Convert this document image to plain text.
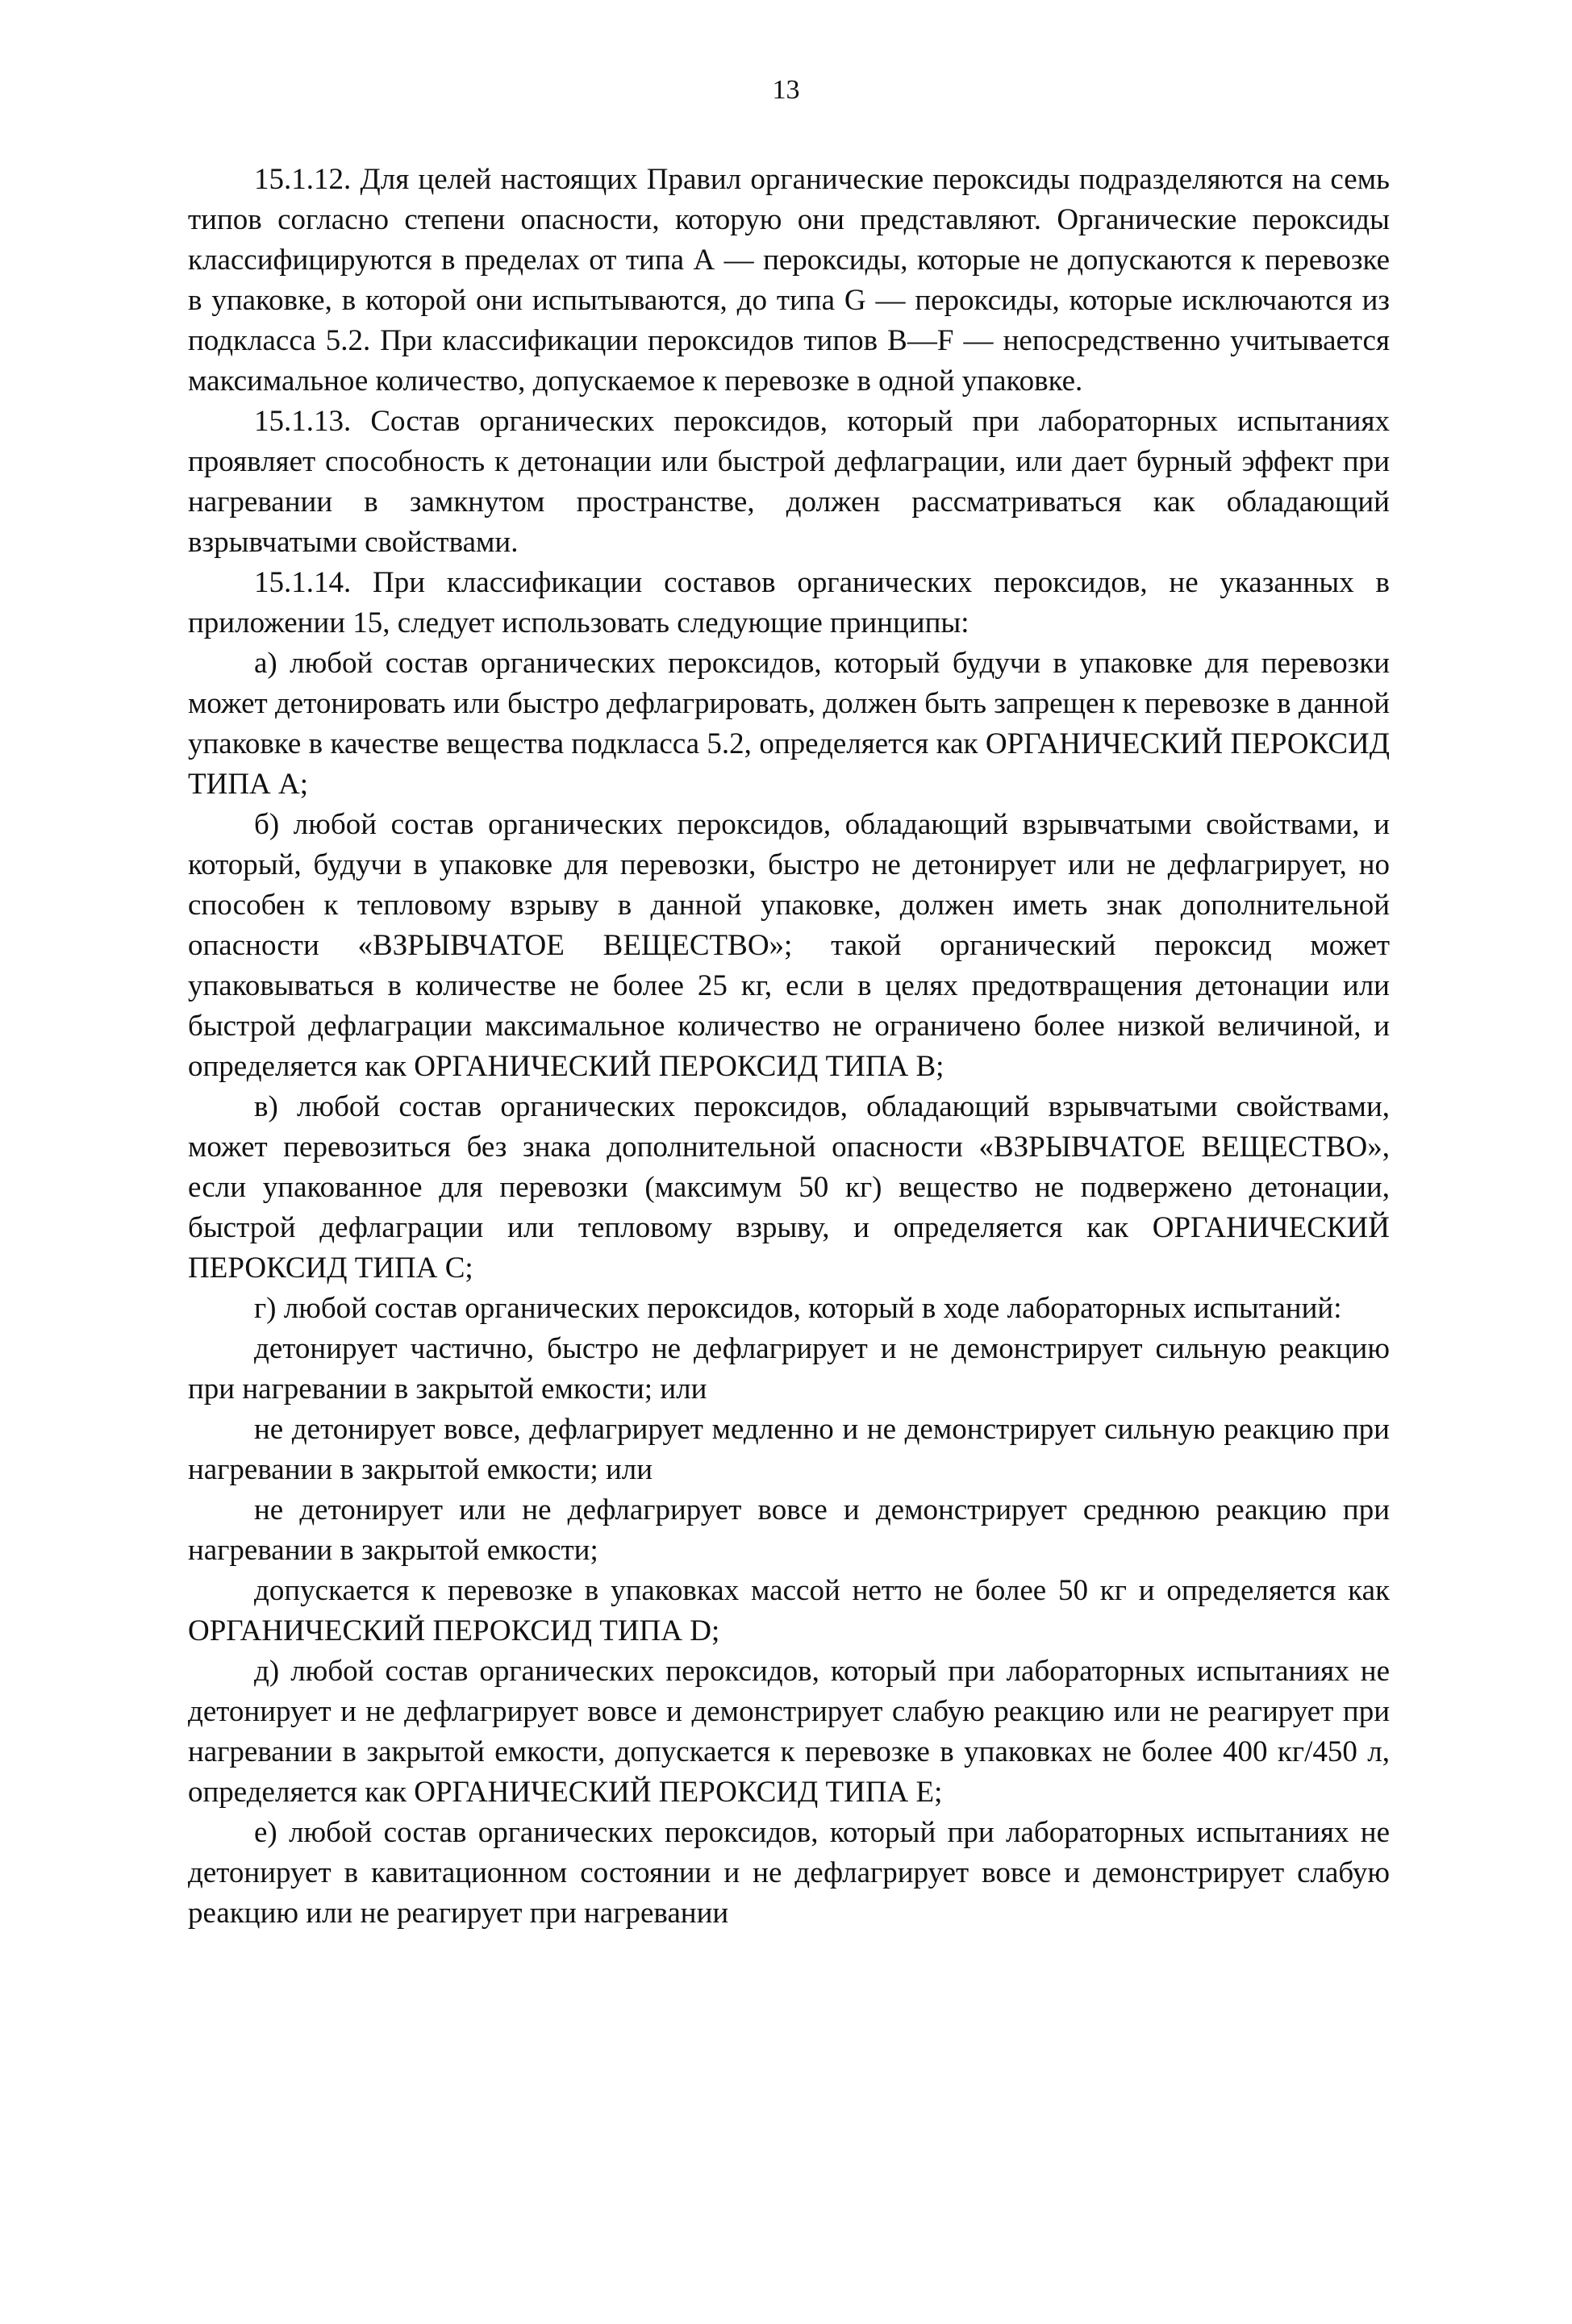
13

15.1.12. Для целей настоящих Правил органические пероксиды подразделяются на семь типов согласно степени опасности, которую они представляют. Органические пероксиды классифицируются в пределах от типа А — пероксиды, которые не допускаются к перевозке в упаковке, в которой они испытываются, до типа G — пероксиды, которые исключаются из подкласса 5.2. При классификации пероксидов типов B—F — непосредственно учитывается максимальное количество, допускаемое к перевозке в одной упаковке.

15.1.13. Состав органических пероксидов, который при лабораторных испытаниях проявляет способность к детонации или быстрой дефлаграции, или дает бурный эффект при нагревании в замкнутом пространстве, должен рассматриваться как обладающий взрывчатыми свойствами.

15.1.14. При классификации составов органических пероксидов, не указанных в приложении 15, следует использовать следующие принципы:

а) любой состав органических пероксидов, который будучи в упаковке для перевозки может детонировать или быстро дефлагрировать, должен быть запрещен к перевозке в данной упаковке в качестве вещества подкласса 5.2, определяется как ОРГАНИЧЕСКИЙ ПЕРОКСИД ТИПА А;

б) любой состав органических пероксидов, обладающий взрывчатыми свойствами, и который, будучи в упаковке для перевозки, быстро не детонирует или не дефлагрирует, но способен к тепловому взрыву в данной упаковке, должен иметь знак дополнительной опасности «ВЗРЫВЧАТОЕ ВЕЩЕСТВО»; такой органический пероксид может упаковываться в количестве не более 25 кг, если в целях предотвращения детонации или быстрой дефлаграции максимальное количество не ограничено более низкой величиной, и определяется как ОРГАНИЧЕСКИЙ ПЕРОКСИД ТИПА В;

в) любой состав органических пероксидов, обладающий взрывчатыми свойствами, может перевозиться без знака дополнительной опасности «ВЗРЫВЧАТОЕ ВЕЩЕСТВО», если упакованное для перевозки (максимум 50 кг) вещество не подвержено детонации, быстрой дефлаграции или тепловому взрыву, и определяется как ОРГАНИЧЕСКИЙ ПЕРОКСИД ТИПА С;

г) любой состав органических пероксидов, который в ходе лабораторных испытаний:

детонирует частично, быстро не дефлагрирует и не демонстрирует сильную реакцию при нагревании в закрытой емкости; или

не детонирует вовсе, дефлагрирует медленно и не демонстрирует сильную реакцию при нагревании в закрытой емкости; или

не детонирует или не дефлагрирует вовсе и демонстрирует среднюю реакцию при нагревании в закрытой емкости;

допускается к перевозке в упаковках массой нетто не более 50 кг и определяется как ОРГАНИЧЕСКИЙ ПЕРОКСИД ТИПА D;

д) любой состав органических пероксидов, который при лабораторных испытаниях не детонирует и не дефлагрирует вовсе и демонстрирует слабую реакцию или не реагирует при нагревании в закрытой емкости, допускается к перевозке в упаковках не более 400 кг/450 л, определяется как ОРГАНИЧЕСКИЙ ПЕРОКСИД ТИПА Е;

е) любой состав органических пероксидов, который при лабораторных испытаниях не детонирует в кавитационном состоянии и не дефлагрирует вовсе и демонстрирует слабую реакцию или не реагирует при нагревании
